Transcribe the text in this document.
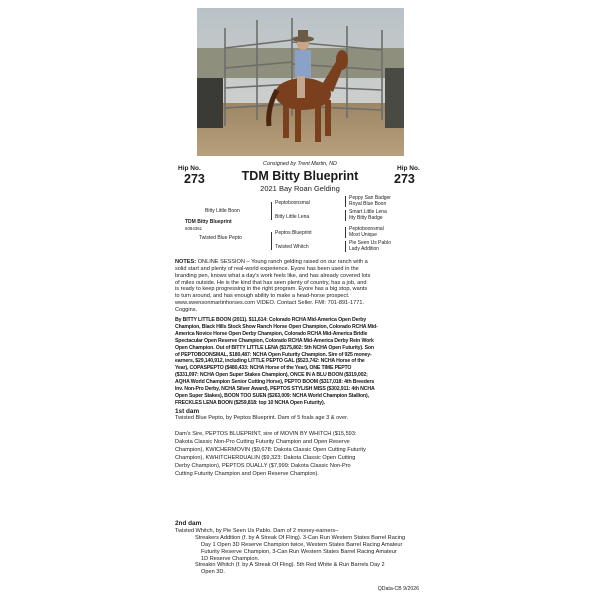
Consigned by Trent Martin, ND
Hip No.
273
Hip No.
273
TDM Bitty Blueprint
2021 Bay Roan Gelding
Bitty Little Boon
TDM Bitty Blueprint
6084361
Twisted Blue Pepto
Peptoboonsmal
Bitty Little Lena
Peptos Blueprint
Twisted Whitch
Peppy San Badger
Royal Blue Boon
Smart Little Lena
Itty Bitty Badge
Peptoboonsmal
Most Unique
Pie Seen Us Pablo
Lady Addition
NOTES: ONLINE SESSION – Young ranch gelding raised on our ranch with a
solid start and plenty of real-world experience. Eyore has been used in the
branding pen, knows what a day's work feels like, and has already covered lots
of miles outside. He is the kind that has seen plenty of country, has a job, and
is ready to keep progressing in the right program. Eyore has a big stop, wants
to turn around, and has enough ability to make a head-horse prospect.
www.swensonmartinhorses.com VIDEO. Contact Seller. FMI: 701-891-1771.
Coggins.
By BITTY LITTLE BOON (2011). $11,614: Colorado RCHA Mid-America Open Derby
Champion, Black Hills Stock Show Ranch Horse Open Champion, Colorado RCHA Mid-
America Novice Horse Open Derby Champion, Colorado RCHA Mid-America Bridle
Spectacular Open Reserve Champion, Colorado RCHA Mid-America Derby Rein Work
Open Champion. Out of BITTY LITTLE LENA ($175,802: 5th NCHA Open Futurity). Son
of PEPTOBOONSMAL, $180,487: NCHA Open Futurity Champion. Sire of 925 money-
earners, $29,140,912, including LITTLE PEPTO GAL ($523,742: NCHA Horse of the
Year), COPASPEPTO ($480,433: NCHA Horse of the Year), ONE TIME PEPTO
($331,097: NCHA Open Super Stakes Champion), ONCE IN A BLU BOON ($319,002;
AQHA World Champion Senior Cutting Horse), PEPTO BOOM ($317,018: 4th Breeders
Inv. Non-Pro Derby, NCHA Silver Award), PEPTOS STYLISH MISS ($302,911: 4th NCHA
Open Super Stakes), BOON TOO SUEN ($263,009: NCHA World Champion Stallion),
FRECKLES LENA BOON ($259,818: top 10 NCHA Open Futurity).
1st dam
Twisted Blue Pepto, by Peptos Blueprint. Dam of 5 foals age 3 & over.
Dam's Sire, PEPTOS BLUEPRINT, sire of MOVIN BY WHITCH ($15,593:
Dakota Classic Non-Pro Cutting Futurity Champion and Open Reserve
Champion), KWICHERMOVIN ($9,678: Dakota Classic Open Cutting Futurity
Champion), KWHITCHERDUALIN ($9,323: Dakota Classic Open Cutting
Derby Champion), PEPTOS DUALLY ($7,999: Dakota Classic Non-Pro
Cutting Futurity Champion and Open Reserve Champion).
2nd dam
Twisted Whitch, by Pie Seen Us Pablo. Dam of 2 money-earners–
Streakers Addition (f. by A Streak Of Fling). 3-Can Run Western States Barrel Racing
Day 1 Open 3D Reserve Champion twice, Western States Barrel Racing Amateur
Futurity Reserve Champion, 3-Can Run Western States Barrel Racing Amateur
1D Reserve Champion.
Streakin Whitch (f. by A Streak Of Fling). 5th Red White & Run Barrels Day 2
Open 3D.
QData-CB 9/2026
